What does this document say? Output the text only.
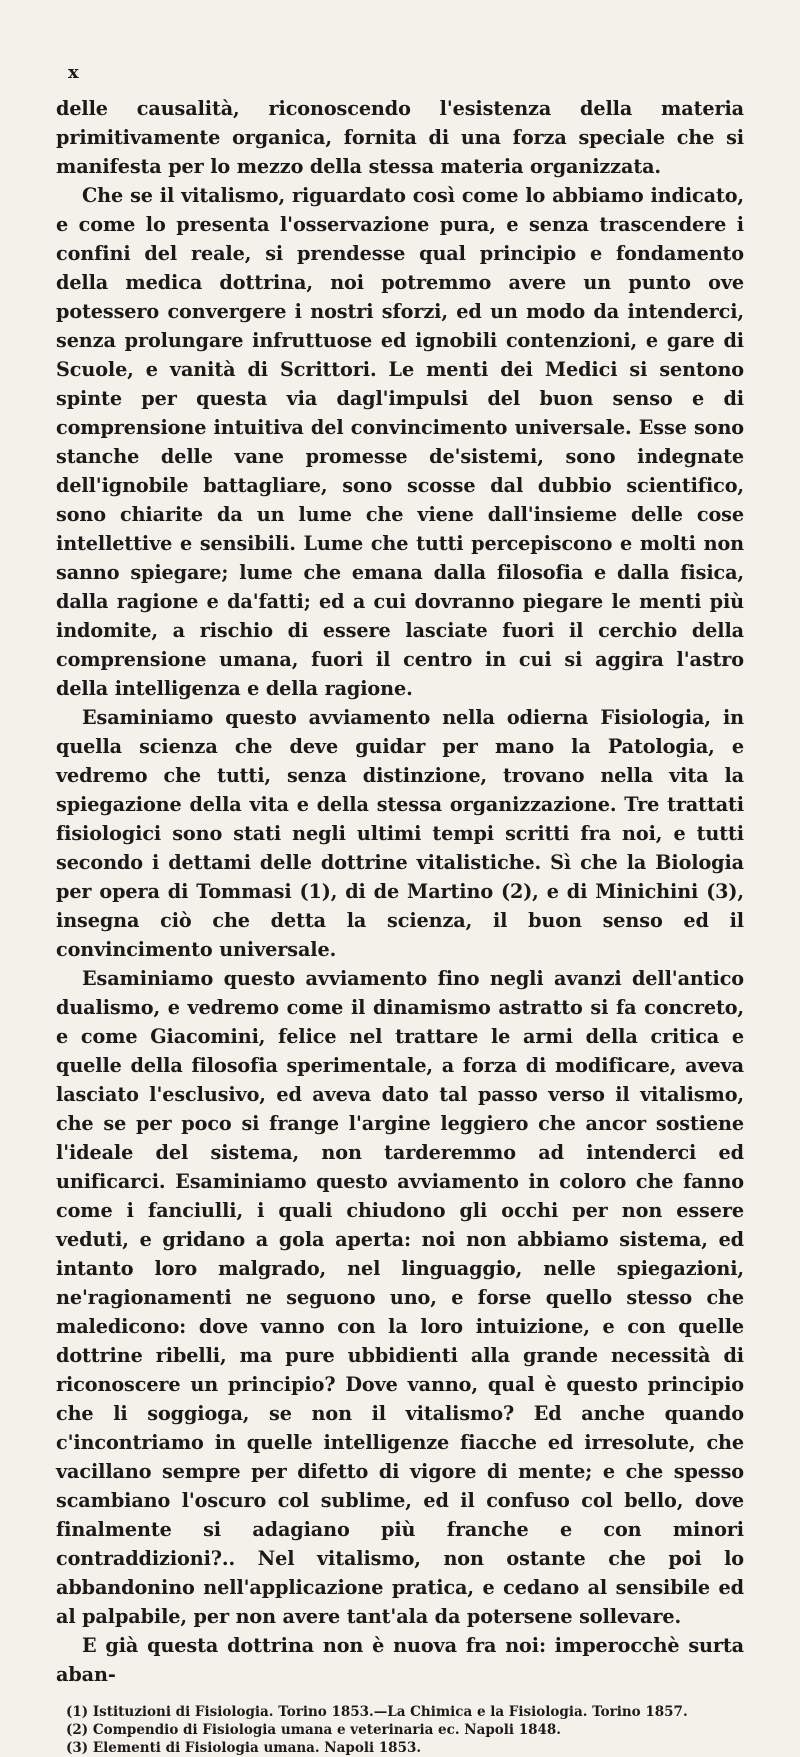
x

delle causalità, riconoscendo l'esistenza della materia primitivamente organica, fornita di una forza speciale che si manifesta per lo mezzo della stessa materia organizzata.

Che se il vitalismo, riguardato così come lo abbiamo indicato, e come lo presenta l'osservazione pura, e senza trascendere i confini del reale, si prendesse qual principio e fondamento della medica dottrina, noi potremmo avere un punto ove potessero convergere i nostri sforzi, ed un modo da intenderci, senza prolungare infruttuose ed ignobili contenzioni, e gare di Scuole, e vanità di Scrittori. Le menti dei Medici si sentono spinte per questa via dagl'impulsi del buon senso e di comprensione intuitiva del convincimento universale. Esse sono stanche delle vane promesse de'sistemi, sono indegnate dell'ignobile battagliare, sono scosse dal dubbio scientifico, sono chiarite da un lume che viene dall'insieme delle cose intellettive e sensibili. Lume che tutti percepiscono e molti non sanno spiegare; lume che emana dalla filosofia e dalla fisica, dalla ragione e da'fatti; ed a cui dovranno piegare le menti più indomite, a rischio di essere lasciate fuori il cerchio della comprensione umana, fuori il centro in cui si aggira l'astro della intelligenza e della ragione.

Esaminiamo questo avviamento nella odierna Fisiologia, in quella scienza che deve guidar per mano la Patologia, e vedremo che tutti, senza distinzione, trovano nella vita la spiegazione della vita e della stessa organizzazione. Tre trattati fisiologici sono stati negli ultimi tempi scritti fra noi, e tutti secondo i dettami delle dottrine vitalistiche. Sì che la Biologia per opera di Tommasi (1), di de Martino (2), e di Minichini (3), insegna ciò che detta la scienza, il buon senso ed il convincimento universale.

Esaminiamo questo avviamento fino negli avanzi dell'antico dualismo, e vedremo come il dinamismo astratto si fa concreto, e come Giacomini, felice nel trattare le armi della critica e quelle della filosofia sperimentale, a forza di modificare, aveva lasciato l'esclusivo, ed aveva dato tal passo verso il vitalismo, che se per poco si frange l'argine leggiero che ancor sostiene l'ideale del sistema, non tarderemmo ad intenderci ed unificarci. Esaminiamo questo avviamento in coloro che fanno come i fanciulli, i quali chiudono gli occhi per non essere veduti, e gridano a gola aperta: noi non abbiamo sistema, ed intanto loro malgrado, nel linguaggio, nelle spiegazioni, ne'ragionamenti ne seguono uno, e forse quello stesso che maledicono: dove vanno con la loro intuizione, e con quelle dottrine ribelli, ma pure ubbidienti alla grande necessità di riconoscere un principio? Dove vanno, qual è questo principio che li soggioga, se non il vitalismo? Ed anche quando c'incontriamo in quelle intelligenze fiacche ed irresolute, che vacillano sempre per difetto di vigore di mente; e che spesso scambiano l'oscuro col sublime, ed il confuso col bello, dove finalmente si adagiano più franche e con minori contraddizioni?.. Nel vitalismo, non ostante che poi lo abbandonino nell'applicazione pratica, e cedano al sensibile ed al palpabile, per non avere tant'ala da potersene sollevare.

E già questa dottrina non è nuova fra noi: imperocchè surta aban-

(1) Istituzioni di Fisiologia. Torino 1853.—La Chimica e la Fisiologia. Torino 1857.

(2) Compendio di Fisiologia umana e veterinaria ec. Napoli 1848.

(3) Elementi di Fisiologia umana. Napoli 1853.
